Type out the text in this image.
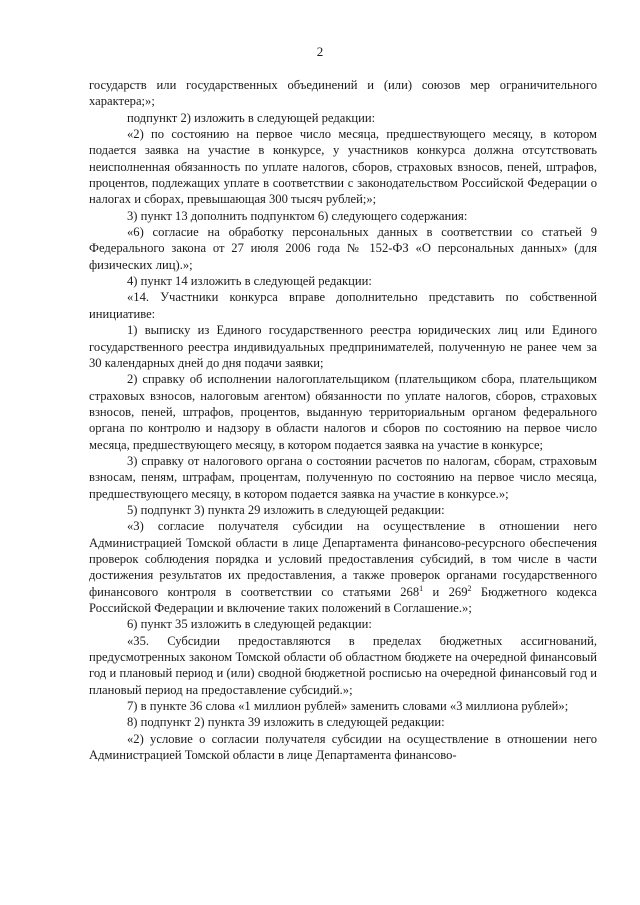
2

государств или государственных объединений и (или) союзов мер ограничительного характера;»;

подпункт 2) изложить в следующей редакции:

«2) по состоянию на первое число месяца, предшествующего месяцу, в котором подается заявка на участие в конкурсе, у участников конкурса должна отсутствовать неисполненная обязанность по уплате налогов, сборов, страховых взносов, пеней, штрафов, процентов, подлежащих уплате в соответствии с законодательством Российской Федерации о налогах и сборах, превышающая 300 тысяч рублей;»;

3) пункт 13 дополнить подпунктом 6) следующего содержания:

«6) согласие на обработку персональных данных в соответствии со статьей 9 Федерального закона от 27 июля 2006 года № 152-ФЗ «О персональных данных» (для физических лиц).»;

4) пункт 14 изложить в следующей редакции:

«14. Участники конкурса вправе дополнительно представить по собственной инициативе:

1) выписку из Единого государственного реестра юридических лиц или Единого государственного реестра индивидуальных предпринимателей, полученную не ранее чем за 30 календарных дней до дня подачи заявки;

2) справку об исполнении налогоплательщиком (плательщиком сбора, плательщиком страховых взносов, налоговым агентом) обязанности по уплате налогов, сборов, страховых взносов, пеней, штрафов, процентов, выданную территориальным органом федерального органа по контролю и надзору в области налогов и сборов по состоянию на первое число месяца, предшествующего месяцу, в котором подается заявка на участие в конкурсе;

3) справку от налогового органа о состоянии расчетов по налогам, сборам, страховым взносам, пеням, штрафам, процентам, полученную по состоянию на первое число месяца, предшествующего месяцу, в котором подается заявка на участие в конкурсе.»;

5) подпункт 3) пункта 29 изложить в следующей редакции:

«3) согласие получателя субсидии на осуществление в отношении него Администрацией Томской области в лице Департамента финансово-ресурсного обеспечения проверок соблюдения порядка и условий предоставления субсидий, в том числе в части достижения результатов их предоставления, а также проверок органами государственного финансового контроля в соответствии со статьями $268^1$ и $269^2$ Бюджетного кодекса Российской Федерации и включение таких положений в Соглашение.»;

6) пункт 35 изложить в следующей редакции:

«35. Субсидии предоставляются в пределах бюджетных ассигнований, предусмотренных законом Томской области об областном бюджете на очередной финансовый год и плановый период и (или) сводной бюджетной росписью на очередной финансовый год и плановый период на предоставление субсидий.»;

7) в пункте 36 слова «1 миллион рублей» заменить словами «3 миллиона рублей»;

8) подпункт 2) пункта 39 изложить в следующей редакции:

«2) условие о согласии получателя субсидии на осуществление в отношении него Администрацией Томской области в лице Департамента финансово-
